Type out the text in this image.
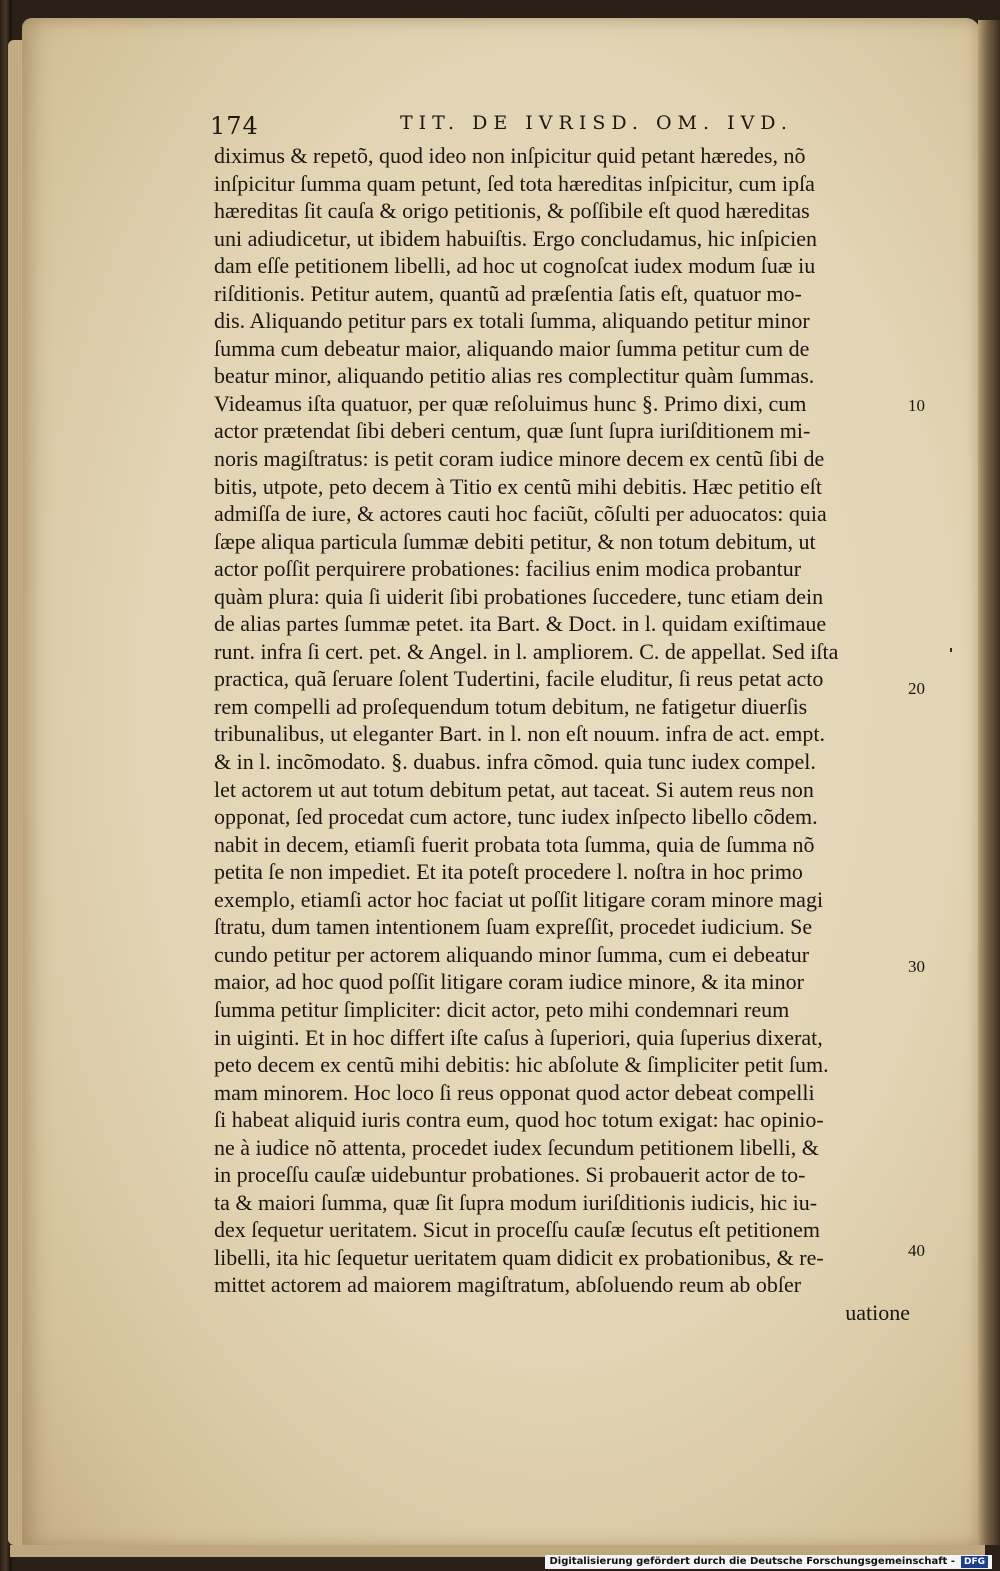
174	TIT. DE IVRISD. OM. IVD.
diximus & repetõ, quod ideo non inſpicitur quid petant hæredes, nõ
inſpicitur ſumma quam petunt, ſed tota hæreditas inſpicitur, cum ipſa
hæreditas ſit cauſa & origo petitionis, & poſſibile eſt quod hæreditas
uni adiudicetur, ut ibidem habuiſtis. Ergo concludamus, hic inſpicien
dam eſſe petitionem libelli, ad hoc ut cognoſcat iudex modum ſuæ iu
riſditionis. Petitur autem, quantũ ad præſentia ſatis eſt, quatuor mo-
dis. Aliquando petitur pars ex totali ſumma, aliquando petitur minor
ſumma cum debeatur maior, aliquando maior ſumma petitur cum de
beatur minor, aliquando petitio alias res complectitur quàm ſummas.
Videamus iſta quatuor, per quæ reſoluimus hunc §. Primo dixi, cum
actor prætendat ſibi deberi centum, quæ ſunt ſupra iuriſditionem mi-
noris magiſtratus: is petit coram iudice minore decem ex centũ ſibi de
bitis, utpote, peto decem à Titio ex centũ mihi debitis. Hæc petitio eſt
admiſſa de iure, & actores cauti hoc faciũt, cõſulti per aduocatos: quia
ſæpe aliqua particula ſummæ debiti petitur, & non totum debitum, ut
actor poſſit perquirere probationes: facilius enim modica probantur
quàm plura: quia ſi uiderit ſibi probationes ſuccedere, tunc etiam dein
de alias partes ſummæ petet. ita Bart. & Doct. in l. quidam exiſtimaue
runt. infra ſi cert. pet. & Angel. in l. ampliorem. C. de appellat. Sed iſta
practica, quã ſeruare ſolent Tudertini, facile eluditur, ſi reus petat acto
rem compelli ad proſequendum totum debitum, ne fatigetur diuerſis
tribunalibus, ut eleganter Bart. in l. non eſt nouum. infra de act. empt.
& in l. incõmodato. §. duabus. infra cõmod. quia tunc iudex compel.
let actorem ut aut totum debitum petat, aut taceat. Si autem reus non
opponat, ſed procedat cum actore, tunc iudex inſpecto libello cõdem.
nabit in decem, etiamſi fuerit probata tota ſumma, quia de ſumma nõ
petita ſe non impediet. Et ita poteſt procedere l. noſtra in hoc primo
exemplo, etiamſi actor hoc faciat ut poſſit litigare coram minore magi
ſtratu, dum tamen intentionem ſuam expreſſit, procedet iudicium. Se
cundo petitur per actorem aliquando minor ſumma, cum ei debeatur
maior, ad hoc quod poſſit litigare coram iudice minore, & ita minor
ſumma petitur ſimpliciter: dicit actor, peto mihi condemnari reum
in uiginti. Et in hoc differt iſte caſus à ſuperiori, quia ſuperius dixerat,
peto decem ex centũ mihi debitis: hic abſolute & ſimpliciter petit ſum.
mam minorem. Hoc loco ſi reus opponat quod actor debeat compelli
ſi habeat aliquid iuris contra eum, quod hoc totum exigat: hac opinio-
ne à iudice nõ attenta, procedet iudex ſecundum petitionem libelli, &
in proceſſu cauſæ uidebuntur probationes. Si probauerit actor de to-
ta & maiori ſumma, quæ ſit ſupra modum iuriſditionis iudicis, hic iu-
dex ſequetur ueritatem. Sicut in proceſſu cauſæ ſecutus eſt petitionem
libelli, ita hic ſequetur ueritatem quam didicit ex probationibus, & re-
mittet actorem ad maiorem magiſtratum, abſoluendo reum ab obſer
uatione
10
20
30
40
Digitalisierung gefördert durch die Deutsche Forschungsgemeinschaft -	DFG
